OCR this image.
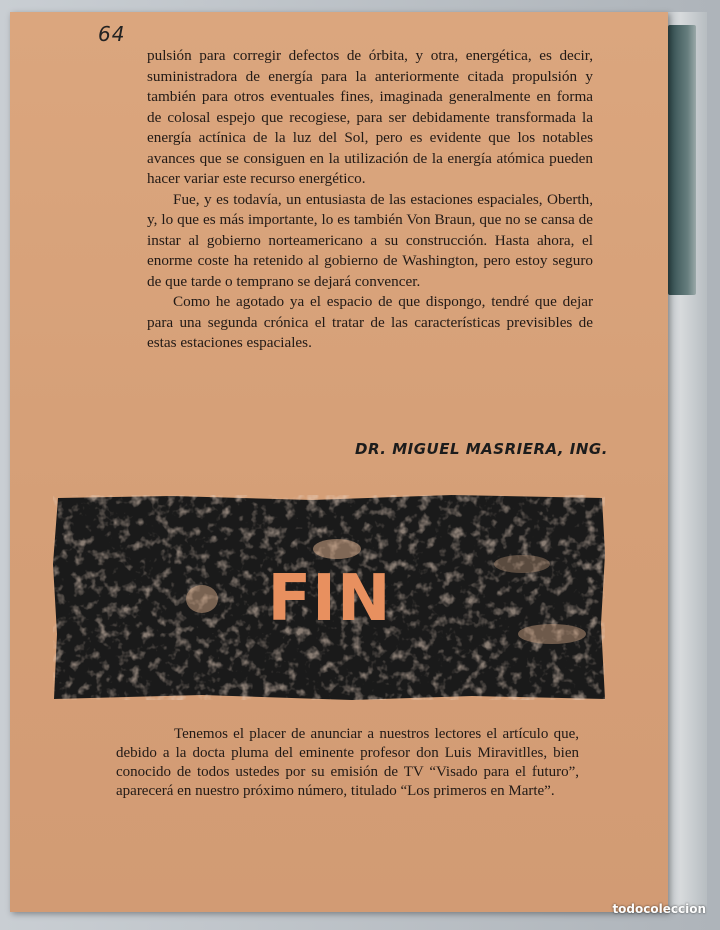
64

pulsión para corregir defectos de órbita, y otra, energética, es decir, suministradora de energía para la anteriormente citada propulsión y también para otros eventuales fines, imaginada generalmente en forma de colosal espejo que recogiese, para ser debidamente transformada la energía actínica de la luz del Sol, pero es evidente que los notables avances que se consiguen en la utilización de la energía atómica pueden hacer variar este recurso energético.

Fue, y es todavía, un entusiasta de las estaciones espaciales, Oberth, y, lo que es más importante, lo es también Von Braun, que no se cansa de instar al gobierno norteamericano a su construcción. Hasta ahora, el enorme coste ha retenido al gobierno de Washington, pero estoy seguro de que tarde o temprano se dejará convencer.

Como he agotado ya el espacio de que dispongo, tendré que dejar para una segunda crónica el tratar de las características previsibles de estas estaciones espaciales.

DR. MIGUEL MASRIERA, ING.
FIN

Tenemos el placer de anunciar a nuestros lectores el artículo que, debido a la docta pluma del eminente profesor don Luis Miravitlles, bien conocido de todos ustedes por su emisión de TV “Visado para el futuro”, aparecerá en nuestro próximo número, titulado “Los primeros en Marte”.

todocoleccion
